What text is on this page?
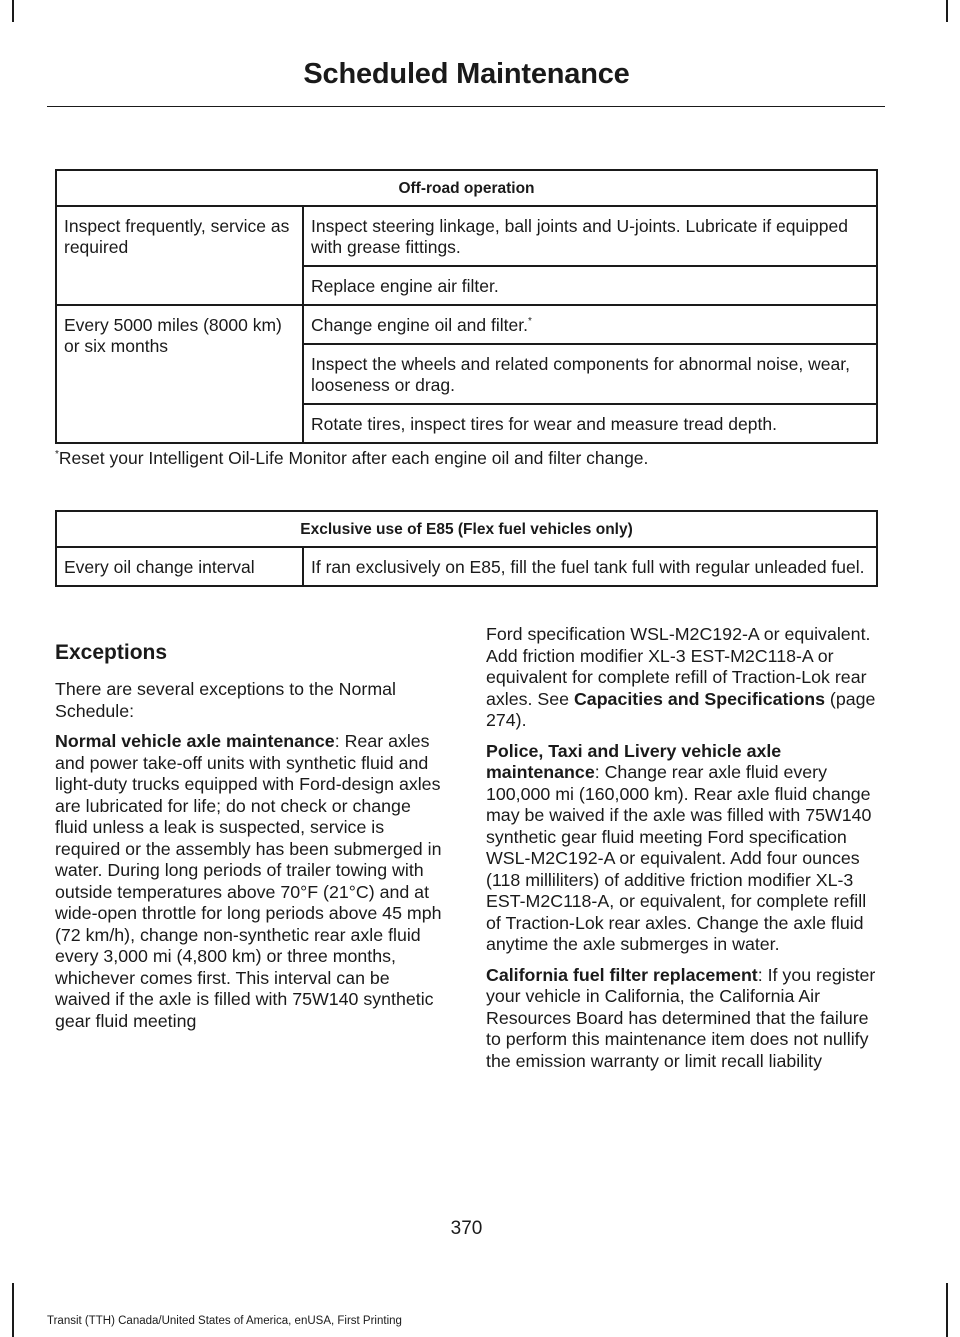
Scheduled Maintenance
Off-road operation	
Inspect frequently, service as required	Inspect steering linkage, ball joints and U-joints. Lubricate if equipped with grease fittings.
	Replace engine air filter.
Every 5000 miles (8000 km) or six months	Change engine oil and filter.*
	Inspect the wheels and related components for abnormal noise, wear, looseness or drag.
	Rotate tires, inspect tires for wear and measure tread depth.
*Reset your Intelligent Oil-Life Monitor after each engine oil and filter change.
Exclusive use of E85 (Flex fuel vehicles only)
Every oil change interval	If ran exclusively on E85, fill the fuel tank full with regular unleaded fuel.
Exceptions

There are several exceptions to the Normal Schedule:

Normal vehicle axle maintenance: Rear axles and power take-off units with synthetic fluid and light-duty trucks equipped with Ford-design axles are lubricated for life; do not check or change fluid unless a leak is suspected, service is required or the assembly has been submerged in water. During long periods of trailer towing with outside temperatures above 70°F (21°C) and at wide-open throttle for long periods above 45 mph (72 km/h), change non-synthetic rear axle fluid every 3,000 mi (4,800 km) or three months, whichever comes first. This interval can be waived if the axle is filled with 75W140 synthetic gear fluid meeting

Ford specification WSL-M2C192-A or equivalent. Add friction modifier XL-3 EST-M2C118-A or equivalent for complete refill of Traction-Lok rear axles. See Capacities and Specifications (page 274).

Police, Taxi and Livery vehicle axle maintenance: Change rear axle fluid every 100,000 mi (160,000 km). Rear axle fluid change may be waived if the axle was filled with 75W140 synthetic gear fluid meeting Ford specification WSL-M2C192-A or equivalent. Add four ounces (118 milliliters) of additive friction modifier XL-3 EST-M2C118-A, or equivalent, for complete refill of Traction-Lok rear axles. Change the axle fluid anytime the axle submerges in water.

California fuel filter replacement: If you register your vehicle in California, the California Air Resources Board has determined that the failure to perform this maintenance item does not nullify the emission warranty or limit recall liability

370
Transit (TTH) Canada/United States of America, enUSA, First Printing
